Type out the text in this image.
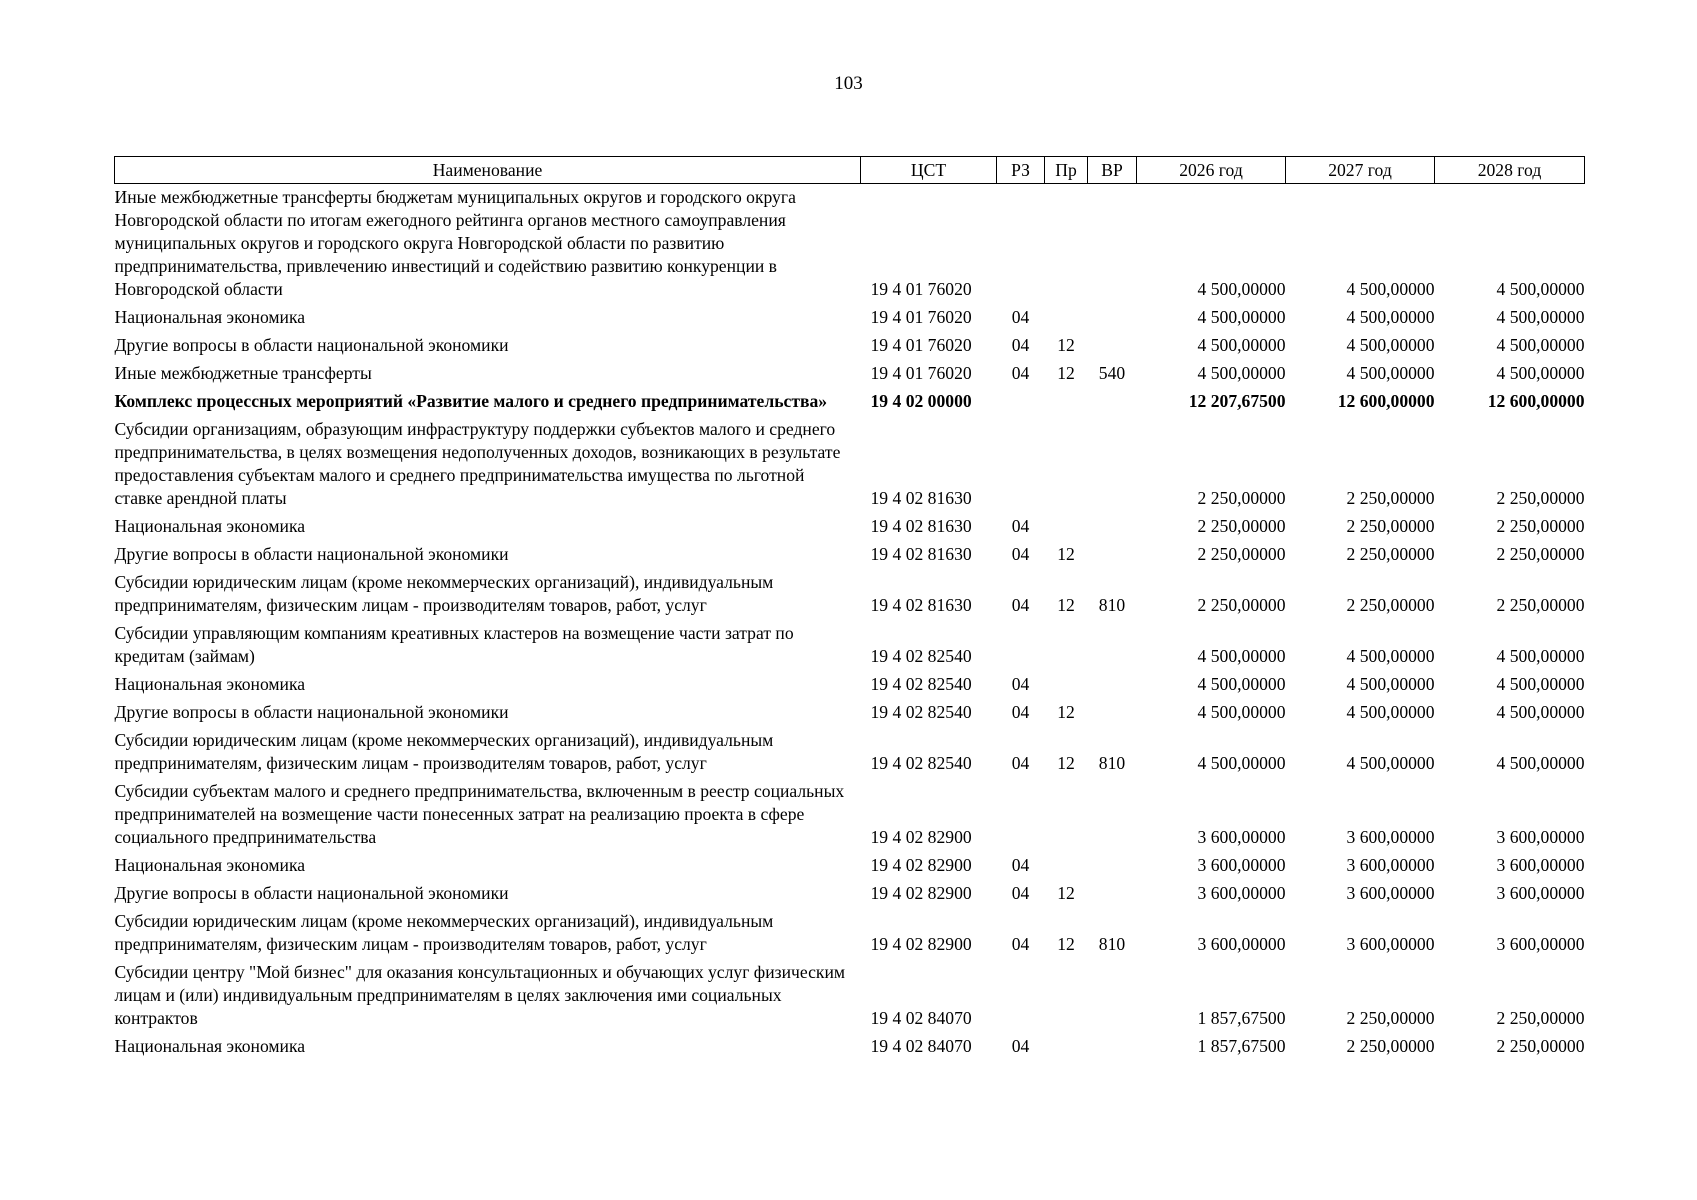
103
Наименование	ЦСТ	РЗ	Пр	ВР	2026 год	2027 год	2028 год
Иные межбюджетные трансферты бюджетам муниципальных округов и городского округа Новгородской области по итогам ежегодного рейтинга органов местного самоуправления муниципальных округов и городского округа Новгородской области по развитию предпринимательства, привлечению инвестиций и содействию развитию конкуренции в Новгородской области	19 4 01 76020				4 500,00000	4 500,00000	4 500,00000
Национальная экономика	19 4 01 76020	04			4 500,00000	4 500,00000	4 500,00000
Другие вопросы в области национальной экономики	19 4 01 76020	04	12		4 500,00000	4 500,00000	4 500,00000
Иные межбюджетные трансферты	19 4 01 76020	04	12	540	4 500,00000	4 500,00000	4 500,00000
Комплекс процессных мероприятий «Развитие малого и среднего предпринимательства»	19 4 02 00000				12 207,67500	12 600,00000	12 600,00000
Субсидии организациям, образующим инфраструктуру поддержки субъектов малого и среднего предпринимательства, в целях возмещения недополученных доходов, возникающих в результате предоставления субъектам малого и среднего предпринимательства имущества по льготной ставке арендной платы	19 4 02 81630				2 250,00000	2 250,00000	2 250,00000
Национальная экономика	19 4 02 81630	04			2 250,00000	2 250,00000	2 250,00000
Другие вопросы в области национальной экономики	19 4 02 81630	04	12		2 250,00000	2 250,00000	2 250,00000
Субсидии юридическим лицам (кроме некоммерческих организаций), индивидуальным предпринимателям, физическим лицам - производителям товаров, работ, услуг	19 4 02 81630	04	12	810	2 250,00000	2 250,00000	2 250,00000
Субсидии управляющим компаниям креативных кластеров на возмещение части затрат по кредитам (займам)	19 4 02 82540				4 500,00000	4 500,00000	4 500,00000
Национальная экономика	19 4 02 82540	04			4 500,00000	4 500,00000	4 500,00000
Другие вопросы в области национальной экономики	19 4 02 82540	04	12		4 500,00000	4 500,00000	4 500,00000
Субсидии юридическим лицам (кроме некоммерческих организаций), индивидуальным предпринимателям, физическим лицам - производителям товаров, работ, услуг	19 4 02 82540	04	12	810	4 500,00000	4 500,00000	4 500,00000
Субсидии субъектам малого и среднего предпринимательства, включенным в реестр социальных предпринимателей на возмещение части понесенных затрат на реализацию проекта в сфере социального предпринимательства	19 4 02 82900				3 600,00000	3 600,00000	3 600,00000
Национальная экономика	19 4 02 82900	04			3 600,00000	3 600,00000	3 600,00000
Другие вопросы в области национальной экономики	19 4 02 82900	04	12		3 600,00000	3 600,00000	3 600,00000
Субсидии юридическим лицам (кроме некоммерческих организаций), индивидуальным предпринимателям, физическим лицам - производителям товаров, работ, услуг	19 4 02 82900	04	12	810	3 600,00000	3 600,00000	3 600,00000
Субсидии центру "Мой бизнес" для оказания консультационных и обучающих услуг физическим лицам и (или) индивидуальным предпринимателям в целях заключения ими социальных контрактов	19 4 02 84070				1 857,67500	2 250,00000	2 250,00000
Национальная экономика	19 4 02 84070	04			1 857,67500	2 250,00000	2 250,00000
